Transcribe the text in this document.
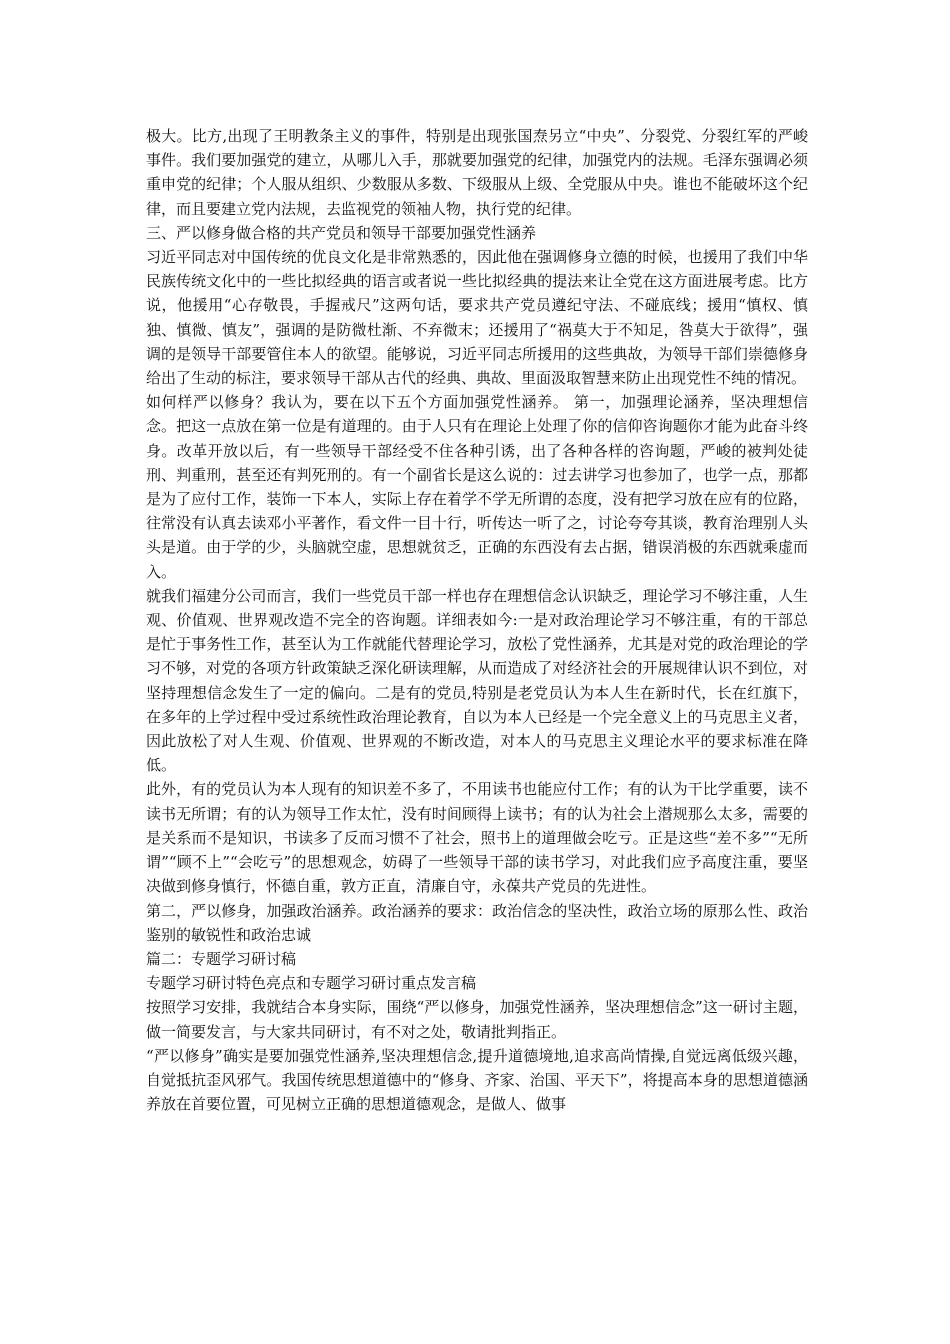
极大。比方,出现了王明教条主义的事件，特别是出现张国焘另立“中央”、分裂党、分裂红军的严峻事件。我们要加强党的建立，从哪儿入手，那就要加强党的纪律，加强党内的法规。毛泽东强调必须重申党的纪律；个人服从组织、少数服从多数、下级服从上级、全党服从中央。谁也不能破坏这个纪律，而且要建立党内法规，去监视党的领袖人物，执行党的纪律。

三、严以修身做合格的共产党员和领导干部要加强党性涵养

习近平同志对中国传统的优良文化是非常熟悉的，因此他在强调修身立德的时候，也援用了我们中华民族传统文化中的一些比拟经典的语言或者说一些比拟经典的提法来让全党在这方面进展考虑。比方说，他援用“心存敬畏，手握戒尺”这两句话，要求共产党员遵纪守法、不碰底线；援用“慎权、慎独、慎微、慎友”，强调的是防微杜渐、不弃微末；还援用了“祸莫大于不知足，咎莫大于欲得”，强调的是领导干部要管住本人的欲望。能够说，习近平同志所援用的这些典故，为领导干部们崇德修身给出了生动的标注，要求领导干部从古代的经典、典故、里面汲取智慧来防止出现党性不纯的情况。

如何样严以修身？我认为，要在以下五个方面加强党性涵养。 第一，加强理论涵养，坚决理想信念。把这一点放在第一位是有道理的。由于人只有在理论上处理了你的信仰咨询题你才能为此奋斗终身。改革开放以后，有一些领导干部经受不住各种引诱，出了各种各样的咨询题，严峻的被判处徒刑、判重刑，甚至还有判死刑的。有一个副省长是这么说的：过去讲学习也参加了，也学一点，那都是为了应付工作，装饰一下本人，实际上存在着学不学无所谓的态度，没有把学习放在应有的位路，往常没有认真去读邓小平著作，看文件一目十行，听传达一听了之，讨论夸夸其谈，教育治理别人头头是道。由于学的少，头脑就空虚，思想就贫乏，正确的东西没有去占据，错误消极的东西就乘虚而入。

就我们福建分公司而言，我们一些党员干部一样也存在理想信念认识缺乏，理论学习不够注重，人生观、价值观、世界观改造不完全的咨询题。详细表如今:一是对政治理论学习不够注重，有的干部总是忙于事务性工作，甚至认为工作就能代替理论学习，放松了党性涵养，尤其是对党的政治理论的学习不够，对党的各项方针政策缺乏深化研读理解，从而造成了对经济社会的开展规律认识不到位，对坚持理想信念发生了一定的偏向。二是有的党员,特别是老党员认为本人生在新时代，长在红旗下，在多年的上学过程中受过系统性政治理论教育，自以为本人已经是一个完全意义上的马克思主义者，因此放松了对人生观、价值观、世界观的不断改造，对本人的马克思主义理论水平的要求标准在降低。

此外，有的党员认为本人现有的知识差不多了，不用读书也能应付工作；有的认为干比学重要，读不读书无所谓；有的认为领导工作太忙，没有时间顾得上读书；有的认为社会上潜规那么太多，需要的是关系而不是知识，书读多了反而习惯不了社会，照书上的道理做会吃亏。正是这些“差不多”“无所谓”“顾不上”“会吃亏”的思想观念，妨碍了一些领导干部的读书学习，对此我们应予高度注重，要坚决做到修身慎行，怀德自重，敦方正直，清廉自守，永葆共产党员的先进性。

第二，严以修身，加强政治涵养。政治涵养的要求：政治信念的坚决性，政治立场的原那么性、政治鉴别的敏锐性和政治忠诚

篇二：专题学习研讨稿

专题学习研讨特色亮点和专题学习研讨重点发言稿

按照学习安排，我就结合本身实际，围绕“严以修身，加强党性涵养，坚决理想信念”这一研讨主题，做一简要发言，与大家共同研讨，有不对之处，敬请批判指正。

“严以修身”确实是要加强党性涵养,坚决理想信念,提升道德境地,追求高尚情操,自觉远离低级兴趣，自觉抵抗歪风邪气。我国传统思想道德中的“修身、齐家、治国、平天下”，将提高本身的思想道德涵养放在首要位置，可见树立正确的思想道德观念，是做人、做事
